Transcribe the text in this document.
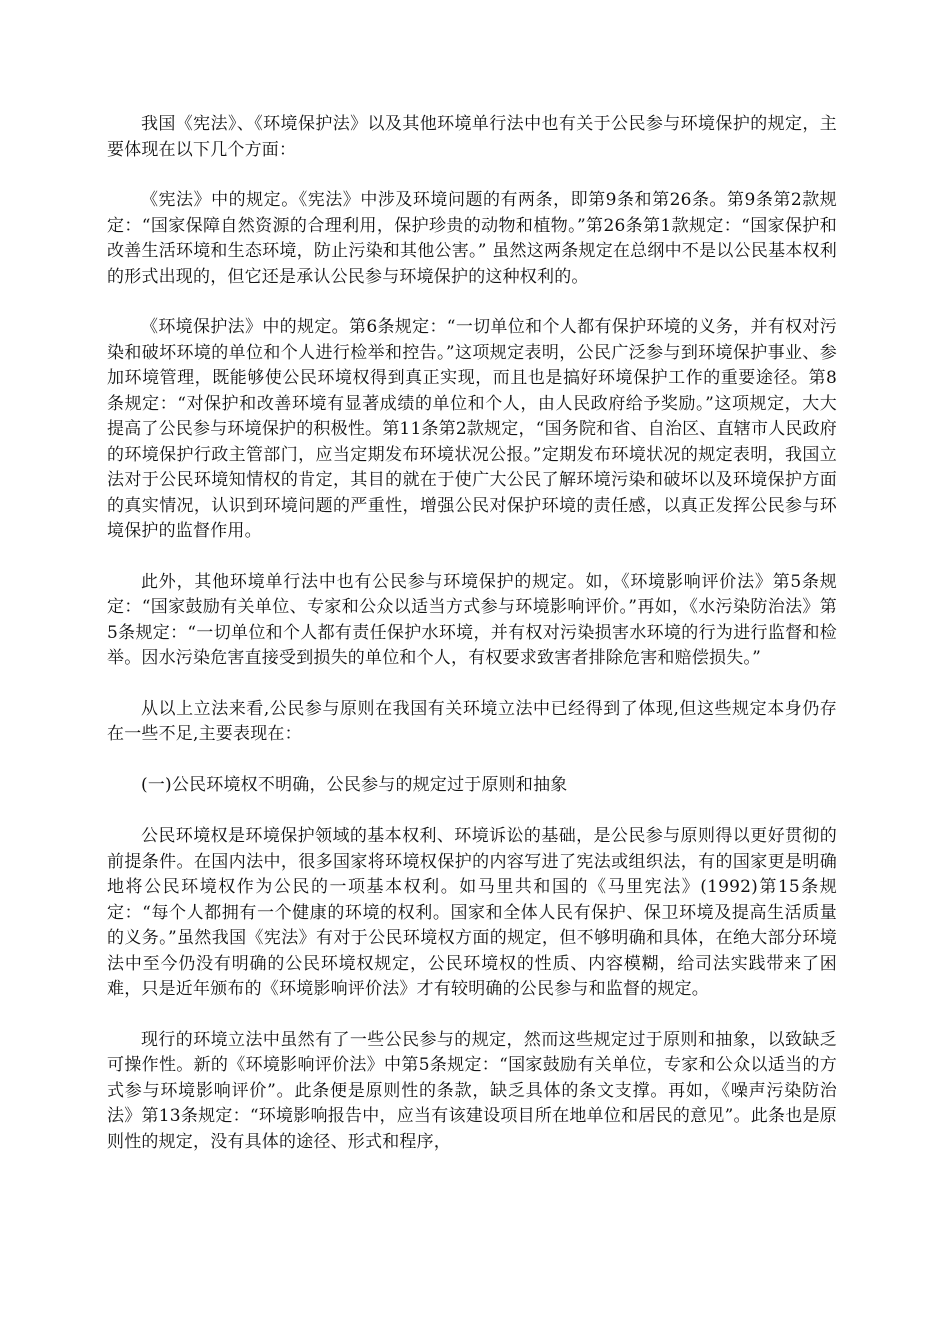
我国《宪法》、《环境保护法》以及其他环境单行法中也有关于公民参与环境保护的规定，主要体现在以下几个方面：

《宪法》中的规定。《宪法》中涉及环境问题的有两条，即第9条和第26条。第9条第2款规定：“国家保障自然资源的合理利用，保护珍贵的动物和植物。”第26条第1款规定：“国家保护和改善生活环境和生态环境，防止污染和其他公害。” 虽然这两条规定在总纲中不是以公民基本权利的形式出现的，但它还是承认公民参与环境保护的这种权利的。

《环境保护法》中的规定。第6条规定：“一切单位和个人都有保护环境的义务，并有权对污染和破坏环境的单位和个人进行检举和控告。”这项规定表明，公民广泛参与到环境保护事业、参加环境管理，既能够使公民环境权得到真正实现，而且也是搞好环境保护工作的重要途径。第8条规定：“对保护和改善环境有显著成绩的单位和个人，由人民政府给予奖励。”这项规定，大大提高了公民参与环境保护的积极性。第11条第2款规定，“国务院和省、自治区、直辖市人民政府的环境保护行政主管部门，应当定期发布环境状况公报。”定期发布环境状况的规定表明，我国立法对于公民环境知情权的肯定，其目的就在于使广大公民了解环境污染和破坏以及环境保护方面的真实情况，认识到环境问题的严重性，增强公民对保护环境的责任感，以真正发挥公民参与环境保护的监督作用。

此外，其他环境单行法中也有公民参与环境保护的规定。如，《环境影响评价法》第5条规定：“国家鼓励有关单位、专家和公众以适当方式参与环境影响评价。”再如，《水污染防治法》第5条规定：“一切单位和个人都有责任保护水环境，并有权对污染损害水环境的行为进行监督和检举。因水污染危害直接受到损失的单位和个人，有权要求致害者排除危害和赔偿损失。”

从以上立法来看,公民参与原则在我国有关环境立法中已经得到了体现,但这些规定本身仍存在一些不足,主要表现在：

(一)公民环境权不明确，公民参与的规定过于原则和抽象

公民环境权是环境保护领域的基本权利、环境诉讼的基础，是公民参与原则得以更好贯彻的前提条件。在国内法中，很多国家将环境权保护的内容写进了宪法或组织法，有的国家更是明确地将公民环境权作为公民的一项基本权利。如马里共和国的《马里宪法》(1992)第15条规定：“每个人都拥有一个健康的环境的权利。国家和全体人民有保护、保卫环境及提高生活质量的义务。”虽然我国《宪法》有对于公民环境权方面的规定，但不够明确和具体，在绝大部分环境法中至今仍没有明确的公民环境权规定，公民环境权的性质、内容模糊，给司法实践带来了困难，只是近年颁布的《环境影响评价法》才有较明确的公民参与和监督的规定。

现行的环境立法中虽然有了一些公民参与的规定，然而这些规定过于原则和抽象，以致缺乏可操作性。新的《环境影响评价法》中第5条规定：“国家鼓励有关单位，专家和公众以适当的方式参与环境影响评价”。此条便是原则性的条款，缺乏具体的条文支撑。再如，《噪声污染防治法》第13条规定：“环境影响报告中，应当有该建设项目所在地单位和居民的意见”。此条也是原则性的规定，没有具体的途径、形式和程序，
